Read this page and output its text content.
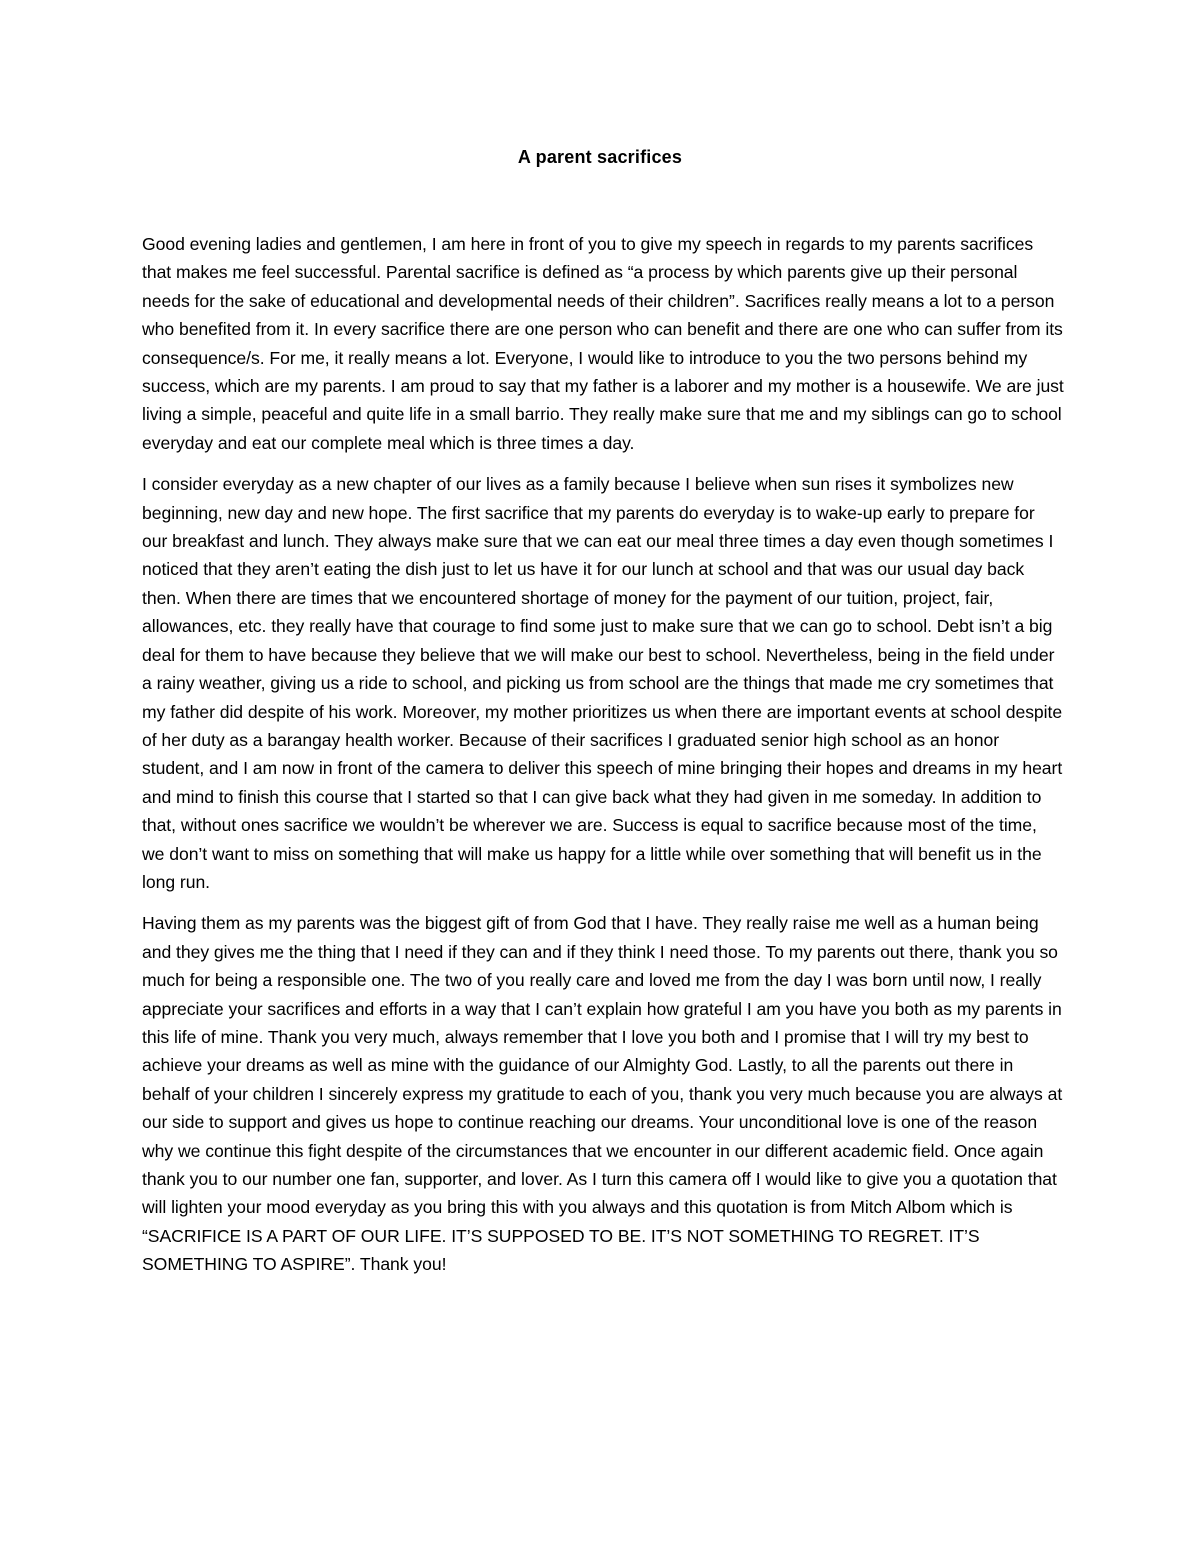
A parent sacrifices

Good evening ladies and gentlemen, I am here in front of you to give my speech in regards to my parents sacrifices that makes me feel successful. Parental sacrifice is defined as “a process by which parents give up their personal needs for the sake of educational and developmental needs of their children”. Sacrifices really means a lot to a person who benefited from it. In every sacrifice there are one person who can benefit and there are one who can suffer from its consequence/s. For me, it really means a lot. Everyone, I would like to introduce to you the two persons behind my success, which are my parents. I am proud to say that my father is a laborer and my mother is a housewife. We are just living a simple, peaceful and quite life in a small barrio. They really make sure that me and my siblings can go to school everyday and eat our complete meal which is three times a day.

I consider everyday as a new chapter of our lives as a family because I believe when sun rises it symbolizes new beginning, new day and new hope. The first sacrifice that my parents do everyday is to wake-up early to prepare for our breakfast and lunch. They always make sure that we can eat our meal three times a day even though sometimes I noticed that they aren’t eating the dish just to let us have it for our lunch at school and that was our usual day back then. When there are times that we encountered shortage of money for the payment of our tuition, project, fair, allowances, etc. they really have that courage to find some just to make sure that we can go to school. Debt isn’t a big deal for them to have because they believe that we will make our best to school. Nevertheless, being in the field under a rainy weather, giving us a ride to school, and picking us from school are the things that made me cry sometimes that my father did despite of his work. Moreover, my mother prioritizes us when there are important events at school despite of her duty as a barangay health worker. Because of their sacrifices I graduated senior high school as an honor student, and I am now in front of the camera to deliver this speech of mine bringing their hopes and dreams in my heart and mind to finish this course that I started so that I can give back what they had given in me someday. In addition to that, without ones sacrifice we wouldn’t be wherever we are. Success is equal to sacrifice because most of the time, we don’t want to miss on something that will make us happy for a little while over something that will benefit us in the long run.

Having them as my parents was the biggest gift of from God that I have. They really raise me well as a human being and they gives me the thing that I need if they can and if they think I need those. To my parents out there, thank you so much for being a responsible one. The two of you really care and loved me from the day I was born until now, I really appreciate your sacrifices and efforts in a way that I can’t explain how grateful I am you have you both as my parents in this life of mine. Thank you very much, always remember that I love you both and I promise that I will try my best to achieve your dreams as well as mine with the guidance of our Almighty God. Lastly, to all the parents out there in behalf of your children I sincerely express my gratitude to each of you, thank you very much because you are always at our side to support and gives us hope to continue reaching our dreams. Your unconditional love is one of the reason why we continue this fight despite of the circumstances that we encounter in our different academic field. Once again thank you to our number one fan, supporter, and lover. As I turn this camera off I would like to give you a quotation that will lighten your mood everyday as you bring this with you always and this quotation is from Mitch Albom which is “SACRIFICE IS A PART OF OUR LIFE. IT’S SUPPOSED TO BE. IT’S NOT SOMETHING TO REGRET. IT’S SOMETHING TO ASPIRE”. Thank you!
